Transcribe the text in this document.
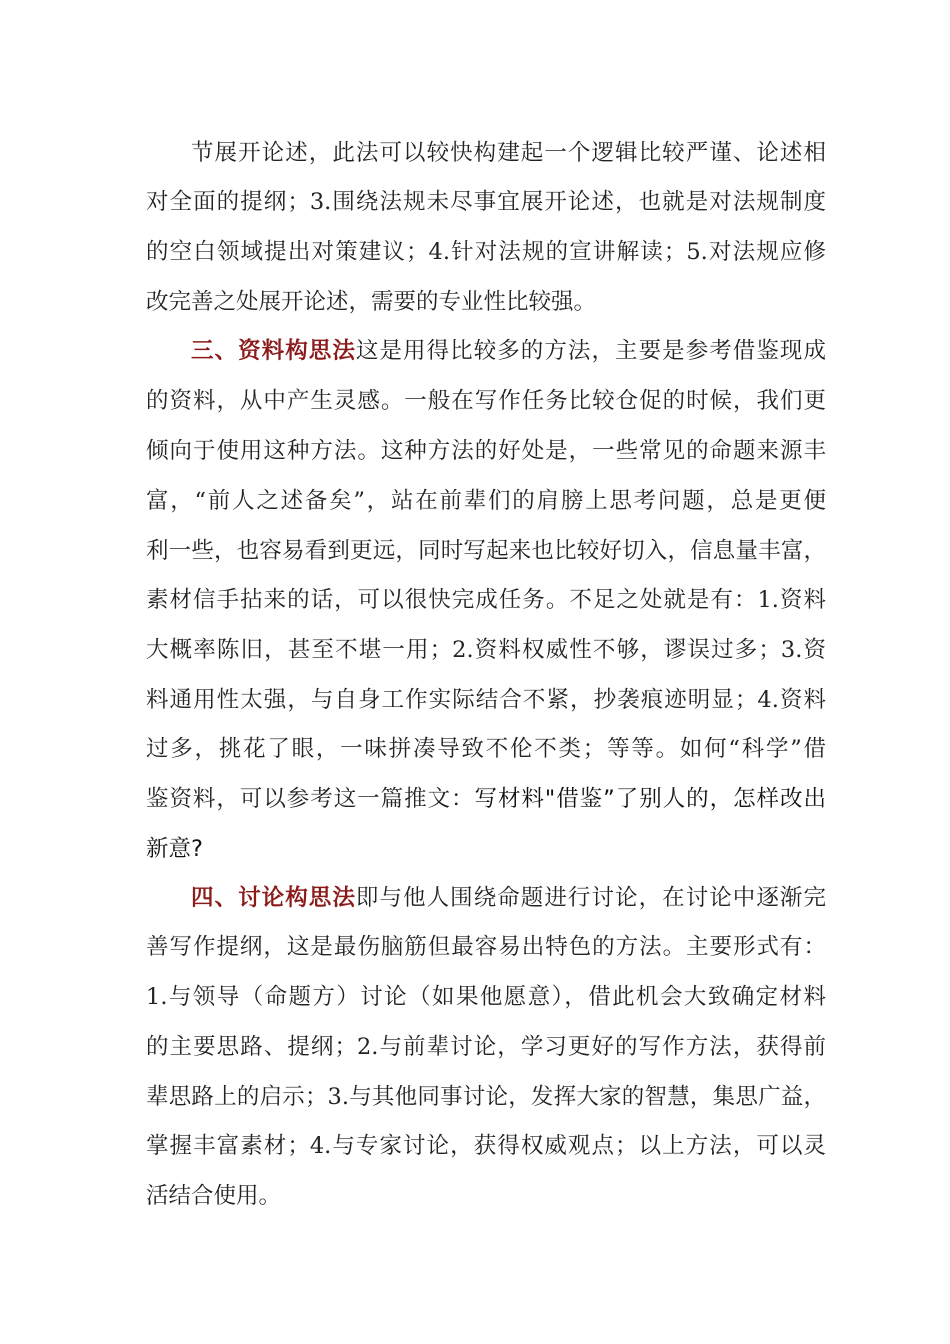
节展开论述，此法可以较快构建起一个逻辑比较严谨、论述相
对全面的提纲；3.围绕法规未尽事宜展开论述，也就是对法规制度
的空白领域提出对策建议；4.针对法规的宣讲解读；5.对法规应修
改完善之处展开论述，需要的专业性比较强。
三、资料构思法这是用得比较多的方法，主要是参考借鉴现成
的资料，从中产生灵感。一般在写作任务比较仓促的时候，我们更
倾向于使用这种方法。这种方法的好处是，一些常见的命题来源丰
富，“前人之述备矣”，站在前辈们的肩膀上思考问题，总是更便
利一些，也容易看到更远，同时写起来也比较好切入，信息量丰富，
素材信手拈来的话，可以很快完成任务。不足之处就是有：1.资料
大概率陈旧，甚至不堪一用；2.资料权威性不够，谬误过多；3.资
料通用性太强，与自身工作实际结合不紧，抄袭痕迹明显；4.资料
过多，挑花了眼，一味拼凑导致不伦不类；等等。如何“科学”借
鉴资料，可以参考这一篇推文：写材料"借鉴”了别人的，怎样改出
新意?
四、讨论构思法即与他人围绕命题进行讨论，在讨论中逐渐完
善写作提纲，这是最伤脑筋但最容易出特色的方法。主要形式有：
1.与领导（命题方）讨论（如果他愿意），借此机会大致确定材料
的主要思路、提纲；2.与前辈讨论，学习更好的写作方法，获得前
辈思路上的启示；3.与其他同事讨论，发挥大家的智慧，集思广益，
掌握丰富素材；4.与专家讨论，获得权威观点；以上方法，可以灵
活结合使用。
